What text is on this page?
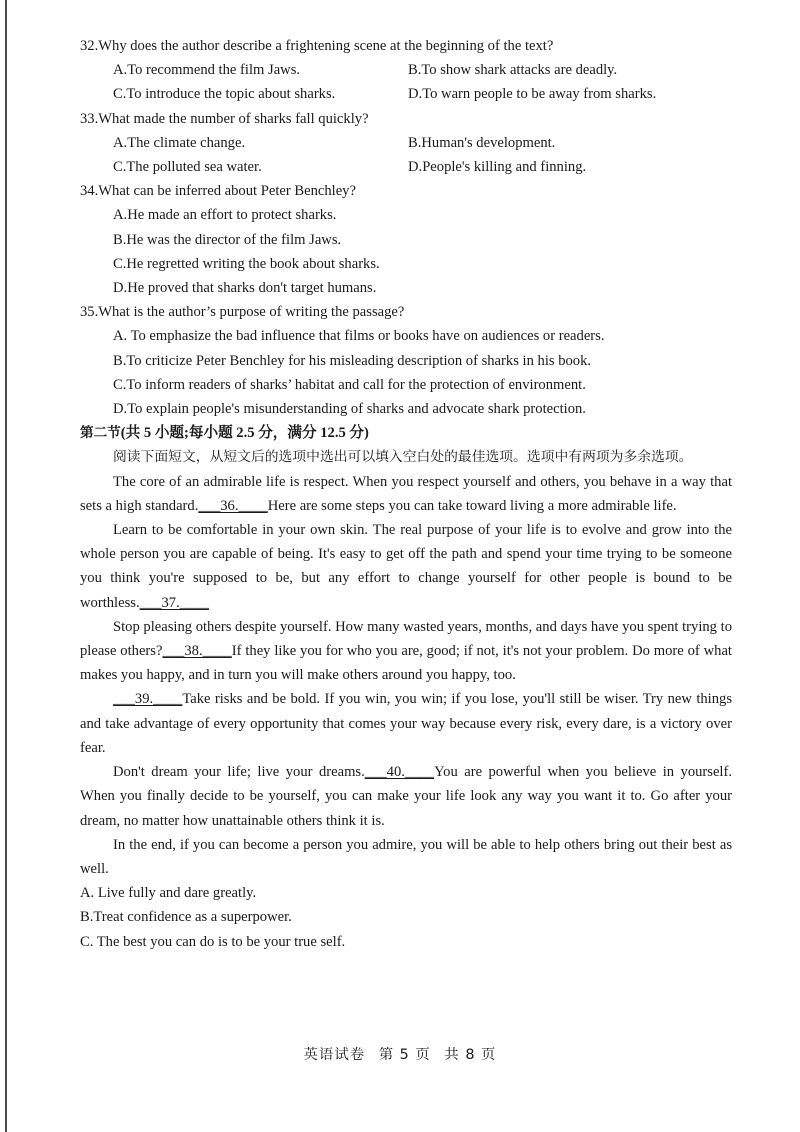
32.Why does the author describe a frightening scene at the beginning of the text?
A.To recommend the film Jaws.	B.To show shark attacks are deadly.
C.To introduce the topic about sharks.	D.To warn people to be away from sharks.
33.What made the number of sharks fall quickly?
A.The climate change.	B.Human's development.
C.The polluted sea water.	D.People's killing and finning.
34.What can be inferred about Peter Benchley?
A.He made an effort to protect sharks.
B.He was the director of the film Jaws.
C.He regretted writing the book about sharks.
D.He proved that sharks don't target humans.
35.What is the author’s purpose of writing the passage?
A. To emphasize the bad influence that films or books have on audiences or readers.
B.To criticize Peter Benchley for his misleading description of sharks in his book.
C.To inform readers of sharks’ habitat and call for the protection of environment.
D.To explain people's misunderstanding of sharks and advocate shark protection.
第二节(共 5 小题;每小题 2.5 分，满分 12.5 分)
阅读下面短文，从短文后的选项中选出可以填入空白处的最佳选项。选项中有两项为多余选项。
The core of an admirable life is respect. When you respect yourself and others, you behave in a way that sets a high standard.___36.____Here are some steps you can take toward living a more admirable life.
Learn to be comfortable in your own skin. The real purpose of your life is to evolve and grow into the whole person you are capable of being. It's easy to get off the path and spend your time trying to be someone you think you're supposed to be, but any effort to change yourself for other people is bound to be worthless.___37.____
Stop pleasing others despite yourself. How many wasted years, months, and days have you spent trying to please others?___38.____If they like you for who you are, good; if not, it's not your problem. Do more of what makes you happy, and in turn you will make others around you happy, too.
___39.____Take risks and be bold. If you win, you win; if you lose, you'll still be wiser. Try new things and take advantage of every opportunity that comes your way because every risk, every dare, is a victory over fear.
Don't dream your life; live your dreams.___40.____You are powerful when you believe in yourself. When you finally decide to be yourself, you can make your life look any way you want it to. Go after your dream, no matter how unattainable others think it is.
In the end, if you can become a person you admire, you will be able to help others bring out their best as well.
A. Live fully and dare greatly.
B.Treat confidence as a superpower.
C. The best you can do is to be your true self.
英语试卷 第 5 页 共 8 页
